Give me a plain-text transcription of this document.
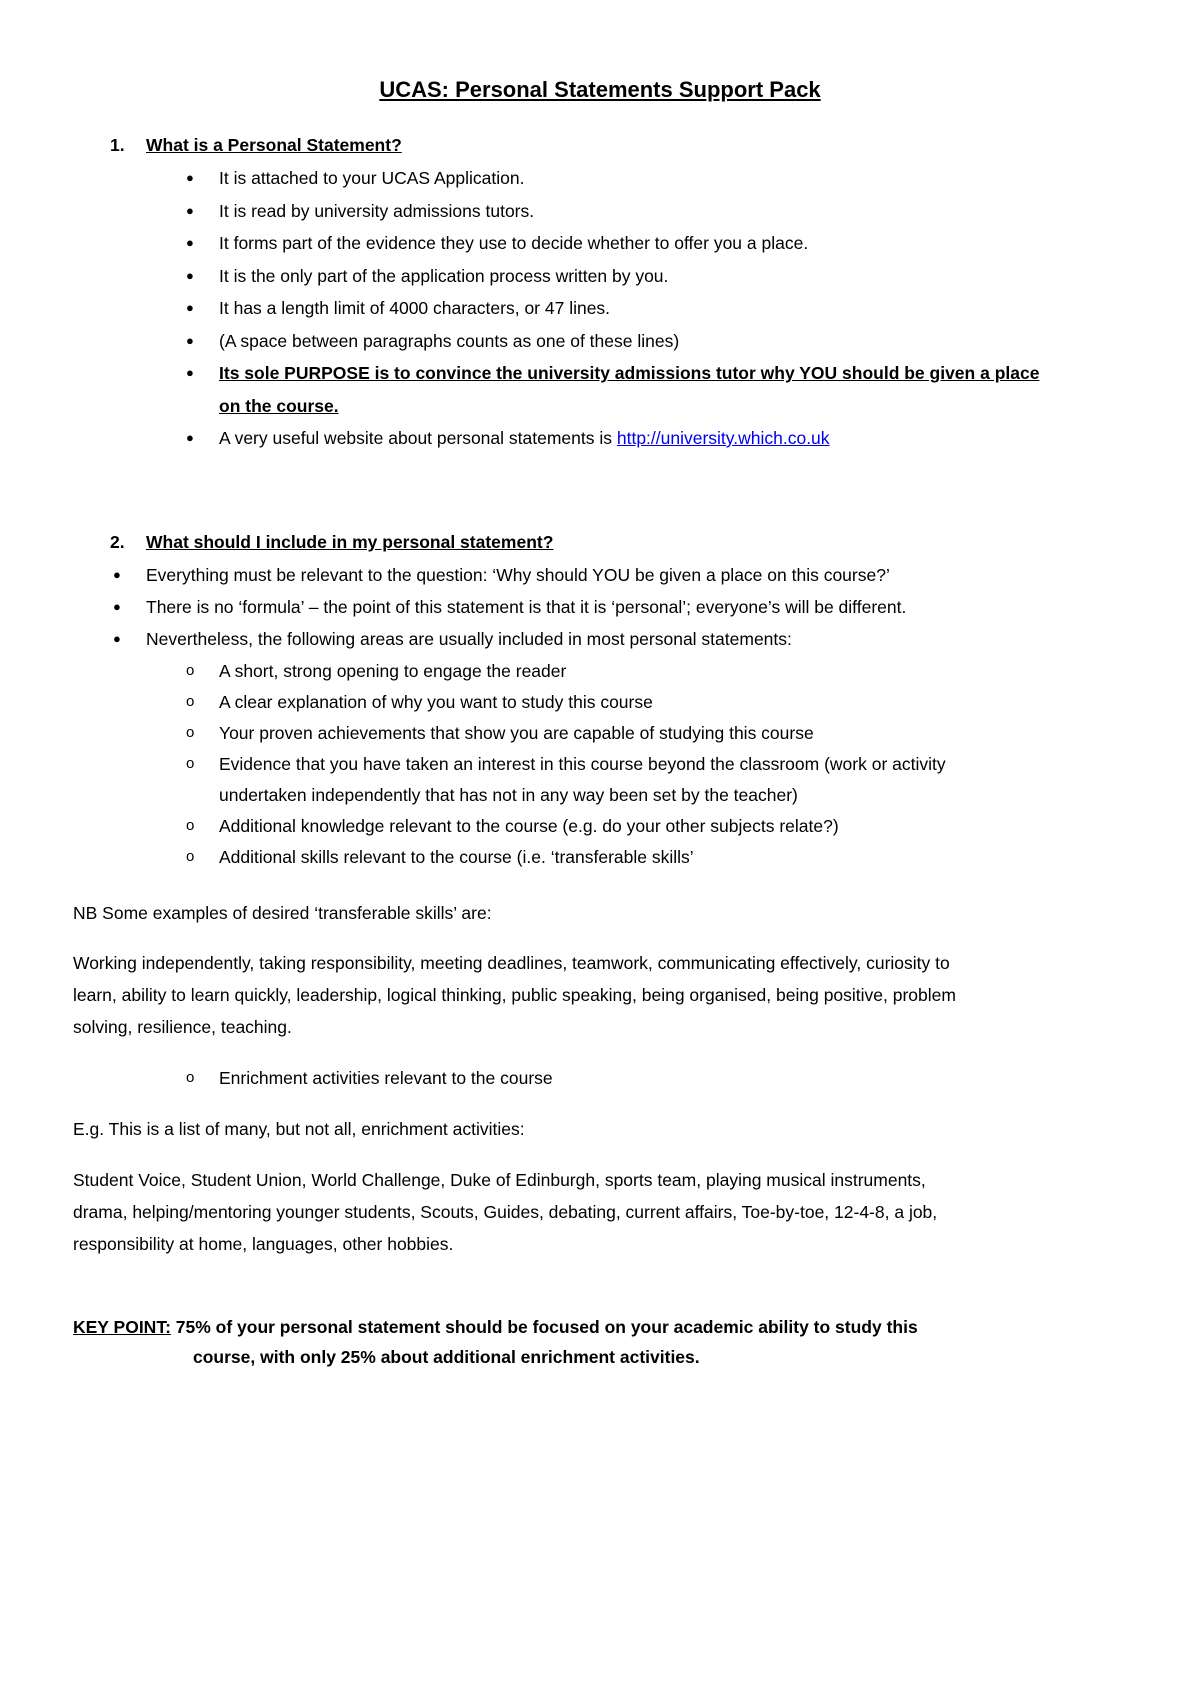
UCAS: Personal Statements Support Pack
1. What is a Personal Statement?
● It is attached to your UCAS Application.
● It is read by university admissions tutors.
● It forms part of the evidence they use to decide whether to offer you a place.
● It is the only part of the application process written by you.
● It has a length limit of 4000 characters, or 47 lines.
● (A space between paragraphs counts as one of these lines)
● Its sole PURPOSE is to convince the university admissions tutor why YOU should be given a place
on the course.
● A very useful website about personal statements is http://university.which.co.uk
2. What should I include in my personal statement?
● Everything must be relevant to the question: ‘Why should YOU be given a place on this course?’
● There is no ‘formula’ – the point of this statement is that it is ‘personal’; everyone’s will be different.
● Nevertheless, the following areas are usually included in most personal statements:
o A short, strong opening to engage the reader
o A clear explanation of why you want to study this course
o Your proven achievements that show you are capable of studying this course
o Evidence that you have taken an interest in this course beyond the classroom (work or activity
undertaken independently that has not in any way been set by the teacher)
o Additional knowledge relevant to the course (e.g. do your other subjects relate?)
o Additional skills relevant to the course (i.e. ‘transferable skills’
NB Some examples of desired ‘transferable skills’ are:
Working independently, taking responsibility, meeting deadlines, teamwork, communicating effectively, curiosity to
learn, ability to learn quickly, leadership, logical thinking, public speaking, being organised, being positive, problem
solving, resilience, teaching.
o Enrichment activities relevant to the course
E.g. This is a list of many, but not all, enrichment activities:
Student Voice, Student Union, World Challenge, Duke of Edinburgh, sports team, playing musical instruments,
drama, helping/mentoring younger students, Scouts, Guides, debating, current affairs, Toe-by-toe, 12-4-8, a job,
responsibility at home, languages, other hobbies.
KEY POINT: 75% of your personal statement should be focused on your academic ability to study this
course, with only 25% about additional enrichment activities.
